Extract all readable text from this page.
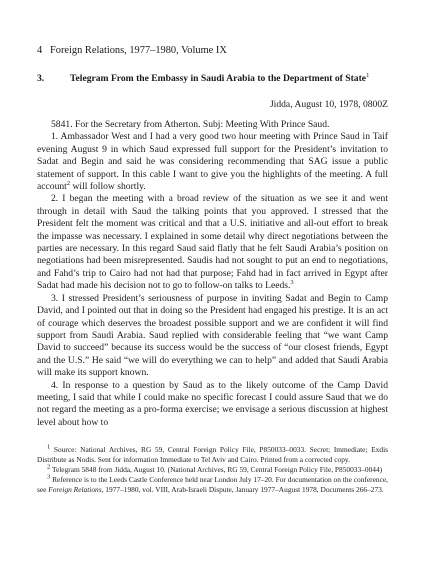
4 Foreign Relations, 1977–1980, Volume IX
3.	Telegram From the Embassy in Saudi Arabia to the Department of State$^1$
Jidda, August 10, 1978, 0800Z

5841. For the Secretary from Atherton. Subj: Meeting With Prince Saud.

1. Ambassador West and I had a very good two hour meeting with Prince Saud in Taif evening August 9 in which Saud expressed full support for the President’s invitation to Sadat and Begin and said he was considering recommending that SAG issue a public statement of support. In this cable I want to give you the highlights of the meeting. A full account$^2$ will follow shortly.

2. I began the meeting with a broad review of the situation as we see it and went through in detail with Saud the talking points that you approved. I stressed that the President felt the moment was critical and that a U.S. initiative and all-out effort to break the impasse was necessary. I explained in some detail why direct negotiations between the parties are necessary. In this regard Saud said flatly that he felt Saudi Arabia’s position on negotiations had been misrepresented. Saudis had not sought to put an end to negotiations, and Fahd’s trip to Cairo had not had that purpose; Fahd had in fact arrived in Egypt after Sadat had made his decision not to go to follow-on talks to Leeds.$^3$

3. I stressed President’s seriousness of purpose in inviting Sadat and Begin to Camp David, and I pointed out that in doing so the President had engaged his prestige. It is an act of courage which deserves the broadest possible support and we are confident it will find support from Saudi Arabia. Saud replied with considerable feeling that “we want Camp David to succeed” because its success would be the success of “our closest friends, Egypt and the U.S.” He said “we will do everything we can to help” and added that Saudi Arabia will make its support known.

4. In response to a question by Saud as to the likely outcome of the Camp David meeting, I said that while I could make no specific forecast I could assure Saud that we do not regard the meeting as a pro-forma exercise; we envisage a serious discussion at highest level about how to

$^1$ Source: National Archives, RG 59, Central Foreign Policy File, P850033–0033. Secret; Immediate; Exdis Distribute as Nodis. Sent for information Immediate to Tel Aviv and Cairo. Printed from a corrected copy.

$^2$ Telegram 5848 from Jidda, August 10. (National Archives, RG 59, Central Foreign Policy File, P850033–0044)

$^3$ Reference is to the Leeds Castle Conference held near London July 17–20. For documentation on the conference, see Foreign Relations, 1977–1980, vol. VIII, Arab-Israeli Dispute, January 1977–August 1978, Documents 266–273.
